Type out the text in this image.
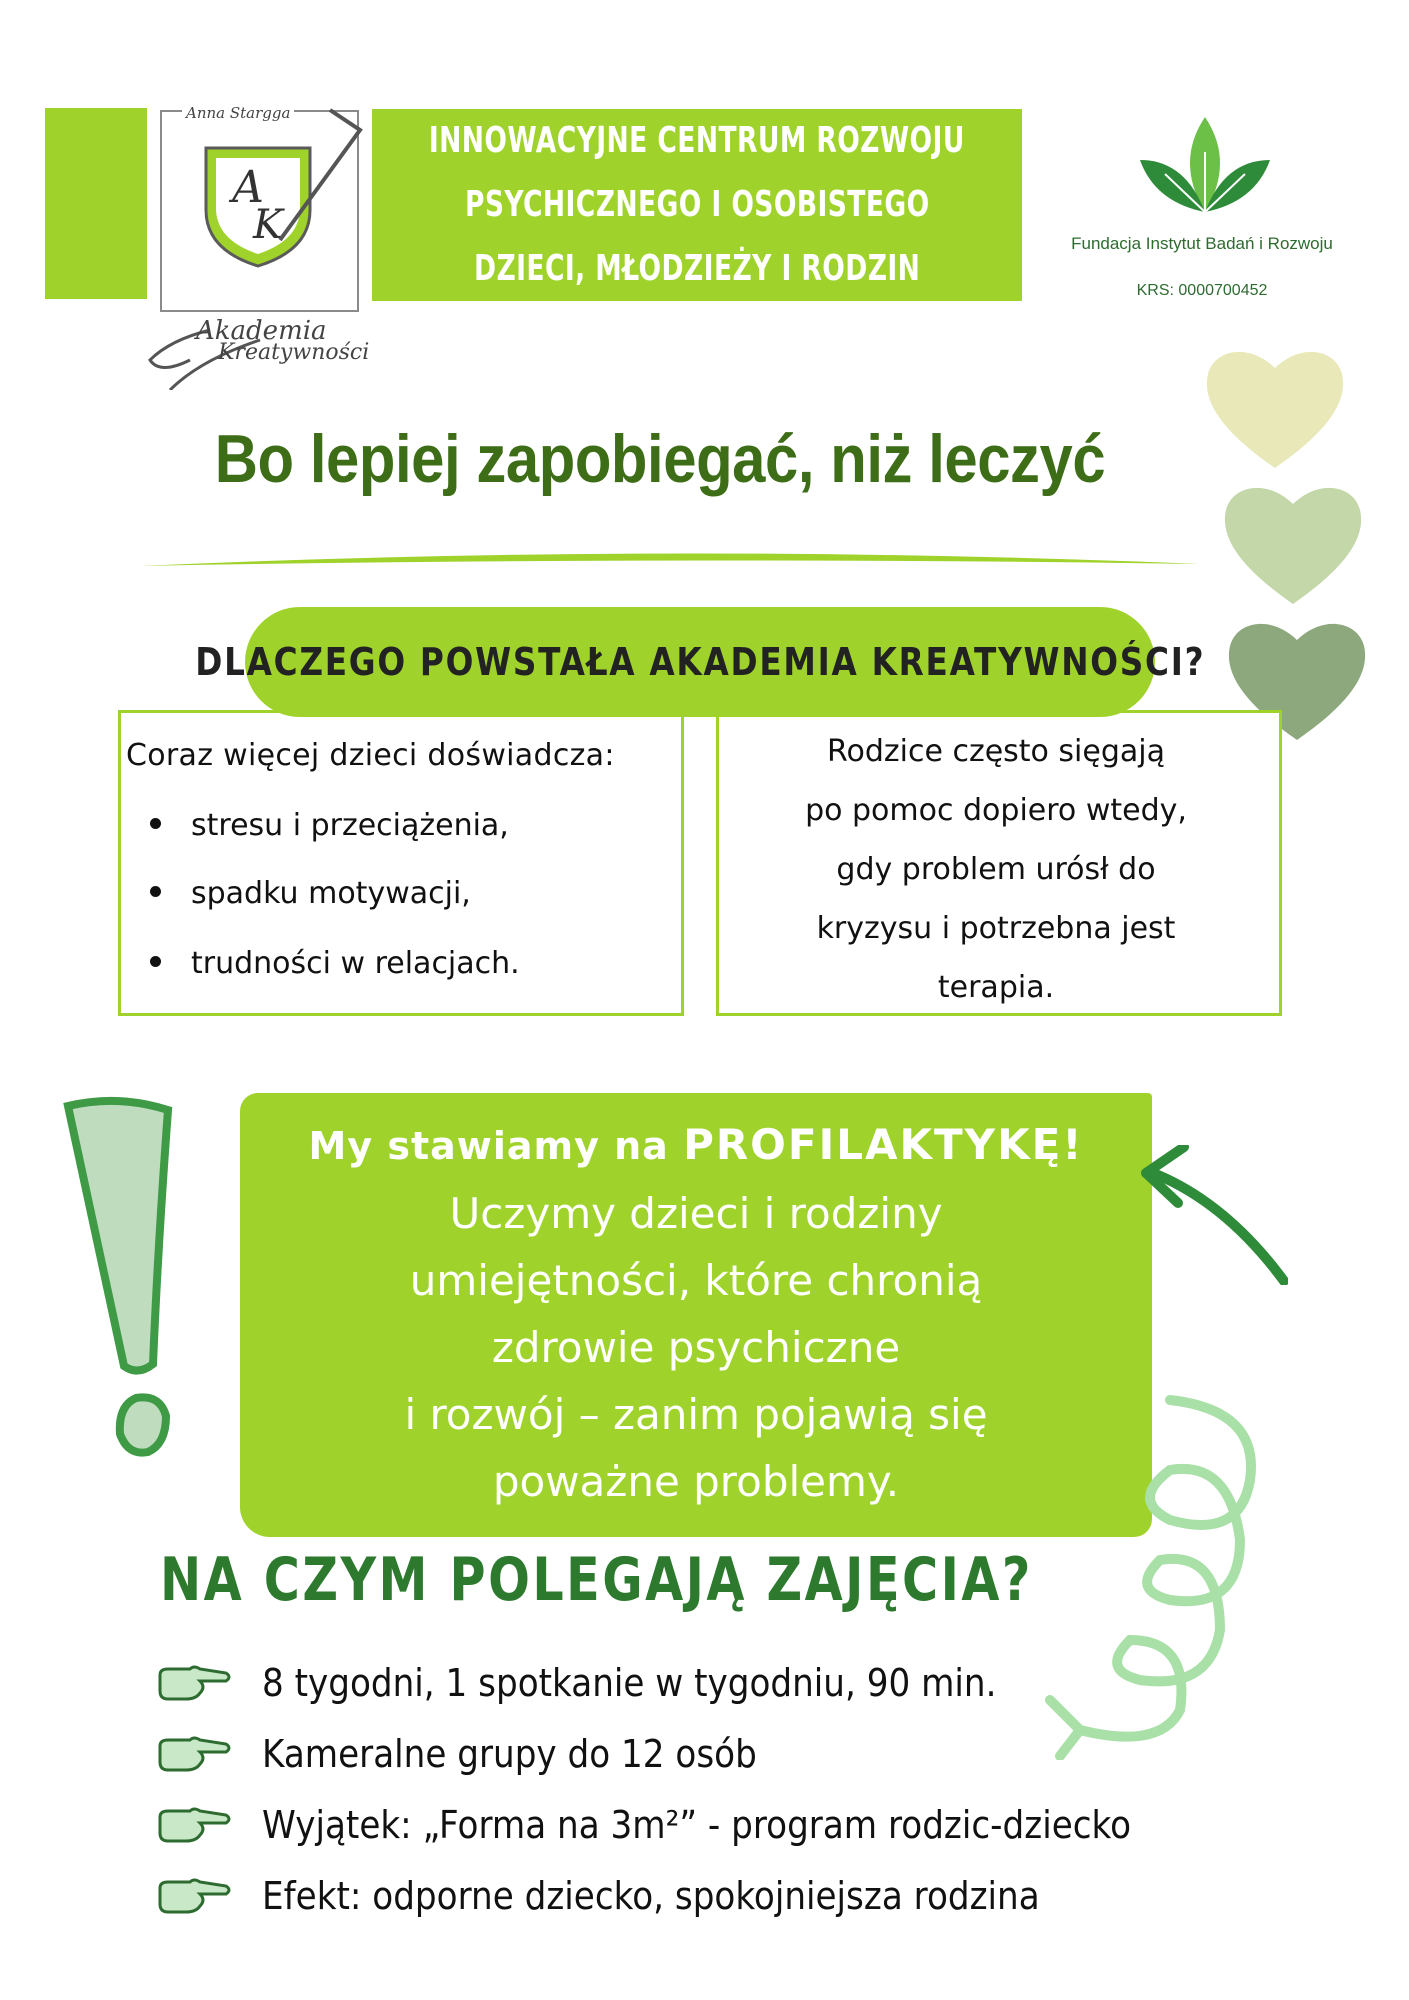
Anna Stargga
A
K
Akademia
Kreatywności
INNOWACYJNE CENTRUM ROZWOJU
PSYCHICZNEGO I OSOBISTEGO
DZIECI, MŁODZIEŻY I RODZIN
Fundacja Instytut Badań i Rozwoju
KRS: 0000700452
Bo lepiej zapobiegać, niż leczyć
DLACZEGO POWSTAŁA AKADEMIA KREATYWNOŚCI?
Coraz więcej dzieci doświadcza:
stresu i przeciążenia,
spadku motywacji,
trudności w relacjach.
Rodzice często sięgają
po pomoc dopiero wtedy,
gdy problem urósł do
kryzysu i potrzebna jest
terapia.
My stawiamy na PROFILAKTYKĘ!
Uczymy dzieci i rodziny
umiejętności, które chronią
zdrowie psychiczne
i rozwój – zanim pojawią się
poważne problemy.
NA CZYM POLEGAJĄ ZAJĘCIA?
8 tygodni, 1 spotkanie w tygodniu, 90 min.
Kameralne grupy do 12 osób
Wyjątek: „Forma na 3m²” - program rodzic-dziecko
Efekt: odporne dziecko, spokojniejsza rodzina
